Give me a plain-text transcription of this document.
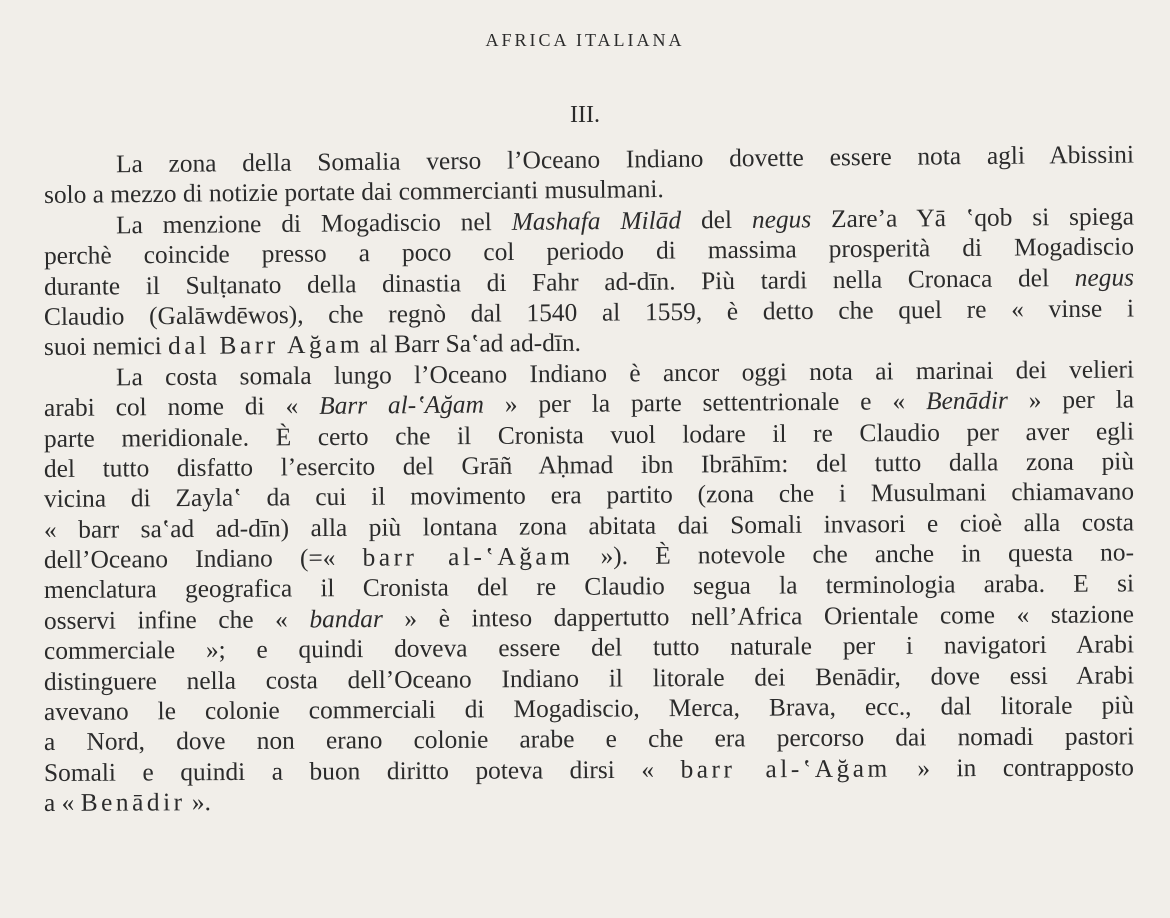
AFRICA ITALIANA
III.
La zona della Somalia verso l’Oceano Indiano dovette essere nota agli Abissini
solo a mezzo di notizie portate dai commercianti musulmani.
La menzione di Mogadiscio nel Mashafa Milād del negus Zare’a Yā ‛qob si spiega
perchè coincide presso a poco col periodo di massima prosperità di Mogadiscio
durante il Sulṭanato della dinastia di Fahr ad-dīn. Più tardi nella Cronaca del negus
Claudio (Galāwdēwos), che regnò dal 1540 al 1559, è detto che quel re « vinse i
suoi nemici dal Barr Ağam al Barr Sa‛ad ad-dīn.
La costa somala lungo l’Oceano Indiano è ancor oggi nota ai marinai dei velieri
arabi col nome di « Barr al-‛Ağam » per la parte settentrionale e « Benādir » per la
parte meridionale. È certo che il Cronista vuol lodare il re Claudio per aver egli
del tutto disfatto l’esercito del Grāñ Aḥmad ibn Ibrāhīm: del tutto dalla zona più
vicina di Zayla‛ da cui il movimento era partito (zona che i Musulmani chiamavano
« barr sa‛ad ad-dīn) alla più lontana zona abitata dai Somali invasori e cioè alla costa
dell’Oceano Indiano (=« barr al-‛Ağam »). È notevole che anche in questa no-
menclatura geografica il Cronista del re Claudio segua la terminologia araba. E si
osservi infine che « bandar » è inteso dappertutto nell’Africa Orientale come « stazione
commerciale »; e quindi doveva essere del tutto naturale per i navigatori Arabi
distinguere nella costa dell’Oceano Indiano il litorale dei Benādir, dove essi Arabi
avevano le colonie commerciali di Mogadiscio, Merca, Brava, ecc., dal litorale più
a Nord, dove non erano colonie arabe e che era percorso dai nomadi pastori
Somali e quindi a buon diritto poteva dirsi « barr al-‛Ağam » in contrapposto
a « Benādir ».
